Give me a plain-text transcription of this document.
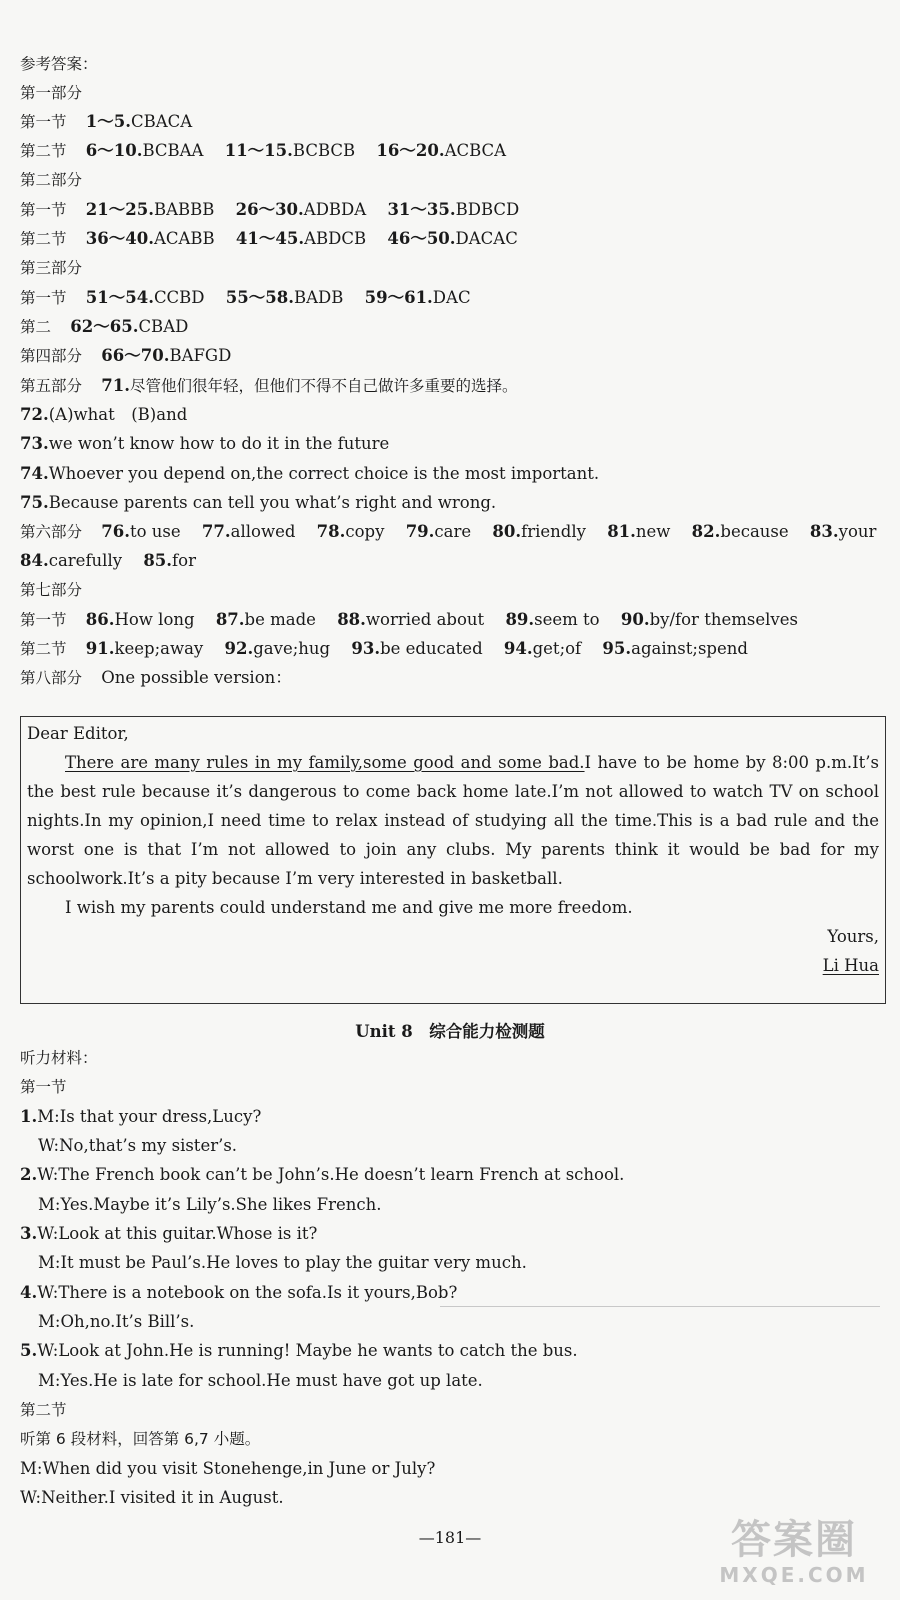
参考答案：
第一部分
第一节 1～5.CBACA
第二节 6～10.BCBAA 11～15.BCBCB 16～20.ACBCA
第二部分
第一节 21～25.BABBB 26～30.ADBDA 31～35.BDBCD
第二节 36～40.ACABB 41～45.ABDCB 46～50.DACAC
第三部分
第一节 51～54.CCBD 55～58.BADB 59～61.DAC
第二 62～65.CBAD
第四部分 66～70.BAFGD
第五部分 71.尽管他们很年轻，但他们不得不自己做许多重要的选择。
72.(A)what　(B)and
73.we won’t know how to do it in the future
74.Whoever you depend on,the correct choice is the most important.
75.Because parents can tell you what’s right and wrong.
第六部分 76.to use 77.allowed 78.copy 79.care 80.friendly 81.new 82.because 83.your
84.carefully 85.for
第七部分
第一节 86.How long 87.be made 88.worried about 89.seem to 90.by/for themselves
第二节 91.keep;away 92.gave;hug 93.be educated 94.get;of 95.against;spend
第八部分 One possible version：

Dear Editor,

There are many rules in my family,some good and some bad.I have to be home by 8:00 p.m.It’s the best rule because it’s dangerous to come back home late.I’m not allowed to watch TV on school nights.In my opinion,I need time to relax instead of studying all the time.This is a bad rule and the worst one is that I’m not allowed to join any clubs. My parents think it would be bad for my schoolwork.It’s a pity because I’m very interested in basketball.

I wish my parents could understand me and give me more freedom.

Yours,

Li Hua

Unit 8　综合能力检测题
听力材料：
第一节
1.M:Is that your dress,Lucy?
W:No,that’s my sister’s.
2.W:The French book can’t be John’s.He doesn’t learn French at school.
M:Yes.Maybe it’s Lily’s.She likes French.
3.W:Look at this guitar.Whose is it?
M:It must be Paul’s.He loves to play the guitar very much.
4.W:There is a notebook on the sofa.Is it yours,Bob?
M:Oh,no.It’s Bill’s.
5.W:Look at John.He is running! Maybe he wants to catch the bus.
M:Yes.He is late for school.He must have got up late.
第二节
听第 6 段材料，回答第 6,7 小题。
M:When did you visit Stonehenge,in June or July?
W:Neither.I visited it in August.
—181—	答案圈
MXQE.COM
